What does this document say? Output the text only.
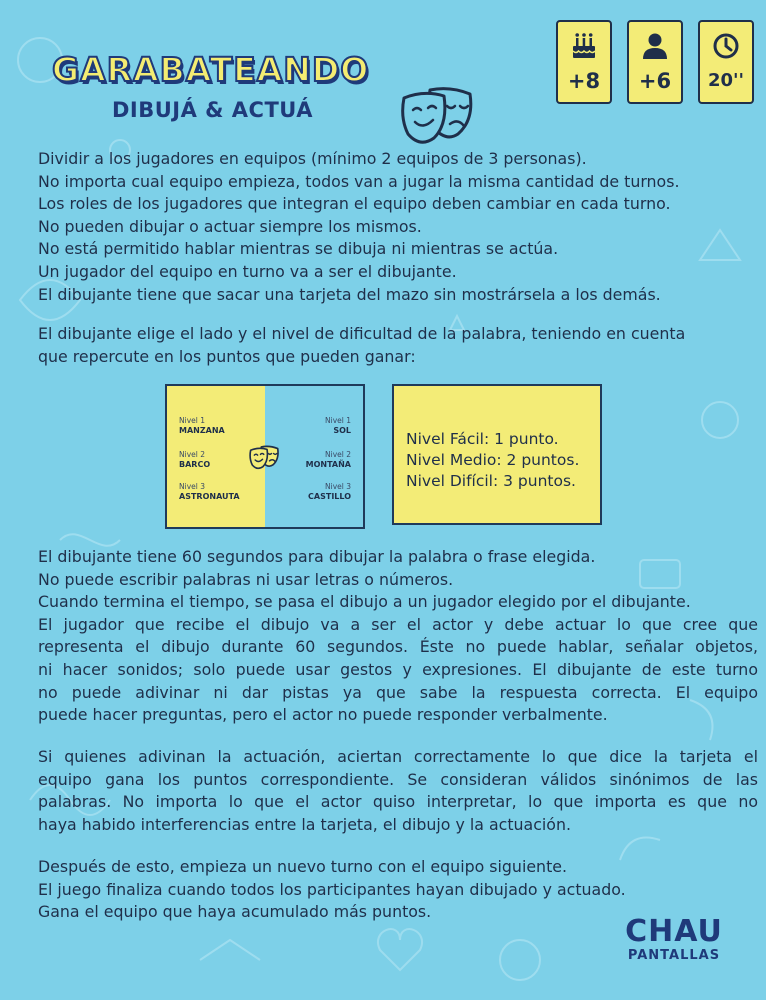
GARABATEANDO
DIBUJÁ & ACTUÁ
+8	+6	20''
Dividir a los jugadores en equipos (mínimo 2 equipos de 3 personas).
No importa cual equipo empieza, todos van a jugar la misma cantidad de turnos.
Los roles de los jugadores que integran el equipo deben cambiar en cada turno.
No pueden dibujar o actuar siempre los mismos.
No está permitido hablar mientras se dibuja ni mientras se actúa.
Un jugador del equipo en turno va a ser el dibujante.
El dibujante tiene que sacar una tarjeta del mazo sin mostrársela a los demás.
El dibujante elige el lado y el nivel de dificultad de la palabra, teniendo en cuenta
que repercute en los puntos que pueden ganar:
Nivel 1
MANZANA
Nivel 2
BARCO
Nivel 3
ASTRONAUTA
Nivel 1
SOL
Nivel 2
MONTAÑA
Nivel 3
CASTILLO
Nivel Fácil: 1 punto.
Nivel Medio: 2 puntos.
Nivel Difícil: 3 puntos.
El dibujante tiene 60 segundos para dibujar la palabra o frase elegida.
No puede escribir palabras ni usar letras o números.
Cuando termina el tiempo, se pasa el dibujo a un jugador elegido por el dibujante.
El jugador que recibe el dibujo va a ser el actor y debe actuar lo que cree que
representa el dibujo durante 60 segundos. Éste no puede hablar, señalar objetos,
ni hacer sonidos; solo puede usar gestos y expresiones. El dibujante de este turno
no puede adivinar ni dar pistas ya que sabe la respuesta correcta. El equipo
puede hacer preguntas, pero el actor no puede responder verbalmente.
Si quienes adivinan la actuación, aciertan correctamente lo que dice la tarjeta el
equipo gana los puntos correspondiente. Se consideran válidos sinónimos de las
palabras. No importa lo que el actor quiso interpretar, lo que importa es que no
haya habido interferencias entre la tarjeta, el dibujo y la actuación.
Después de esto, empieza un nuevo turno con el equipo siguiente.
El juego finaliza cuando todos los participantes hayan dibujado y actuado.
Gana el equipo que haya acumulado más puntos.
CHAU
PANTALLAS
